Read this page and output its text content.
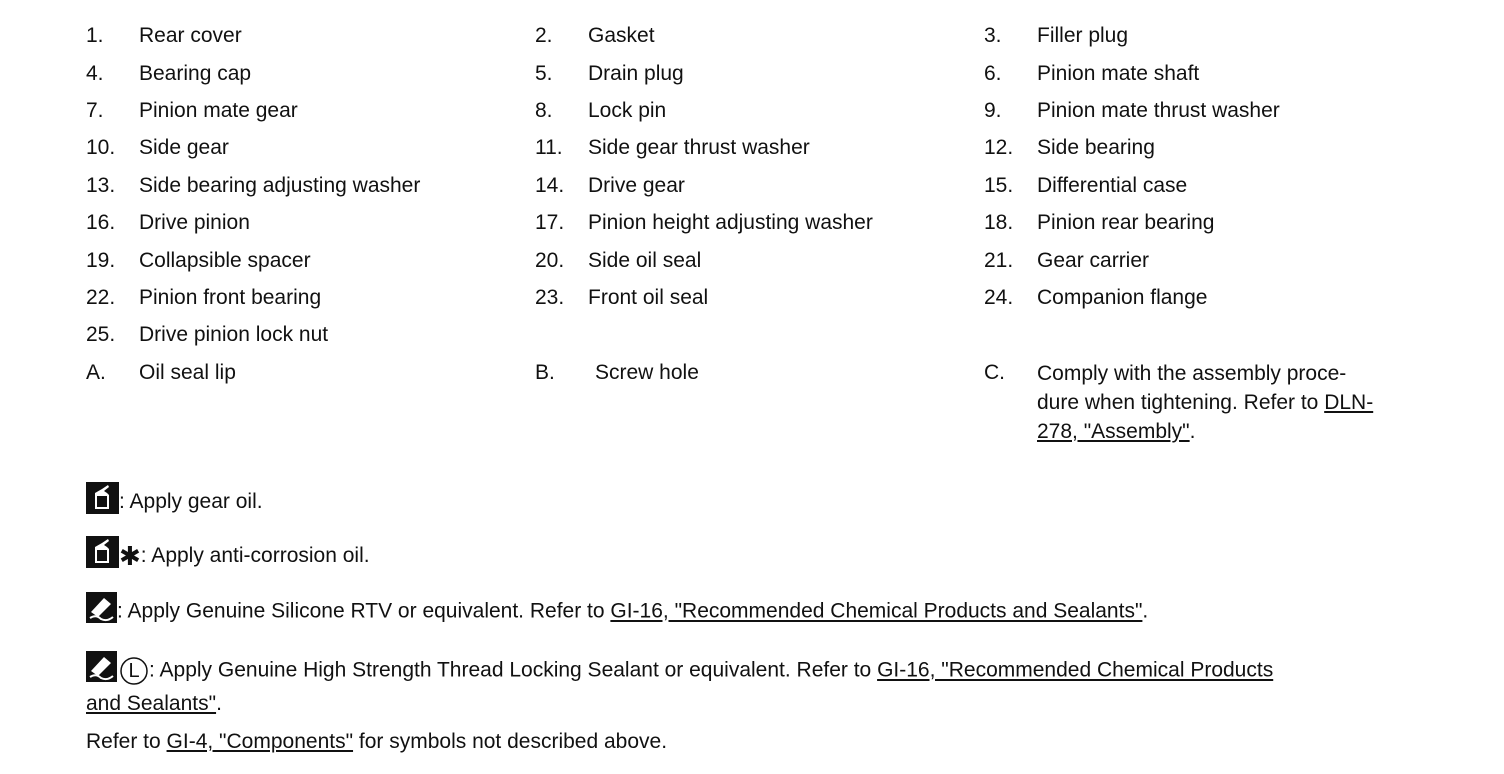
1. Rear cover	2. Gasket	3. Filler plug
4. Bearing cap	5. Drain plug	6. Pinion mate shaft
7. Pinion mate gear	8. Lock pin	9. Pinion mate thrust washer
10. Side gear	11. Side gear thrust washer	12. Side bearing
13. Side bearing adjusting washer	14. Drive gear	15. Differential case
16. Drive pinion	17. Pinion height adjusting washer	18. Pinion rear bearing
19. Collapsible spacer	20. Side oil seal	21. Gear carrier
22. Pinion front bearing	23. Front oil seal	24. Companion flange
25. Drive pinion lock nut
A. Oil seal lip	B. Screw hole	C. Comply with the assembly proce-
dure when tightening. Refer to DLN-
278, "Assembly".
: Apply gear oil.
✱: Apply anti-corrosion oil.
: Apply Genuine Silicone RTV or equivalent. Refer to GI-16, "Recommended Chemical Products and Sealants".
L : Apply Genuine High Strength Thread Locking Sealant or equivalent. Refer to GI-16, "Recommended Chemical Products
and Sealants".
Refer to GI-4, "Components" for symbols not described above.
